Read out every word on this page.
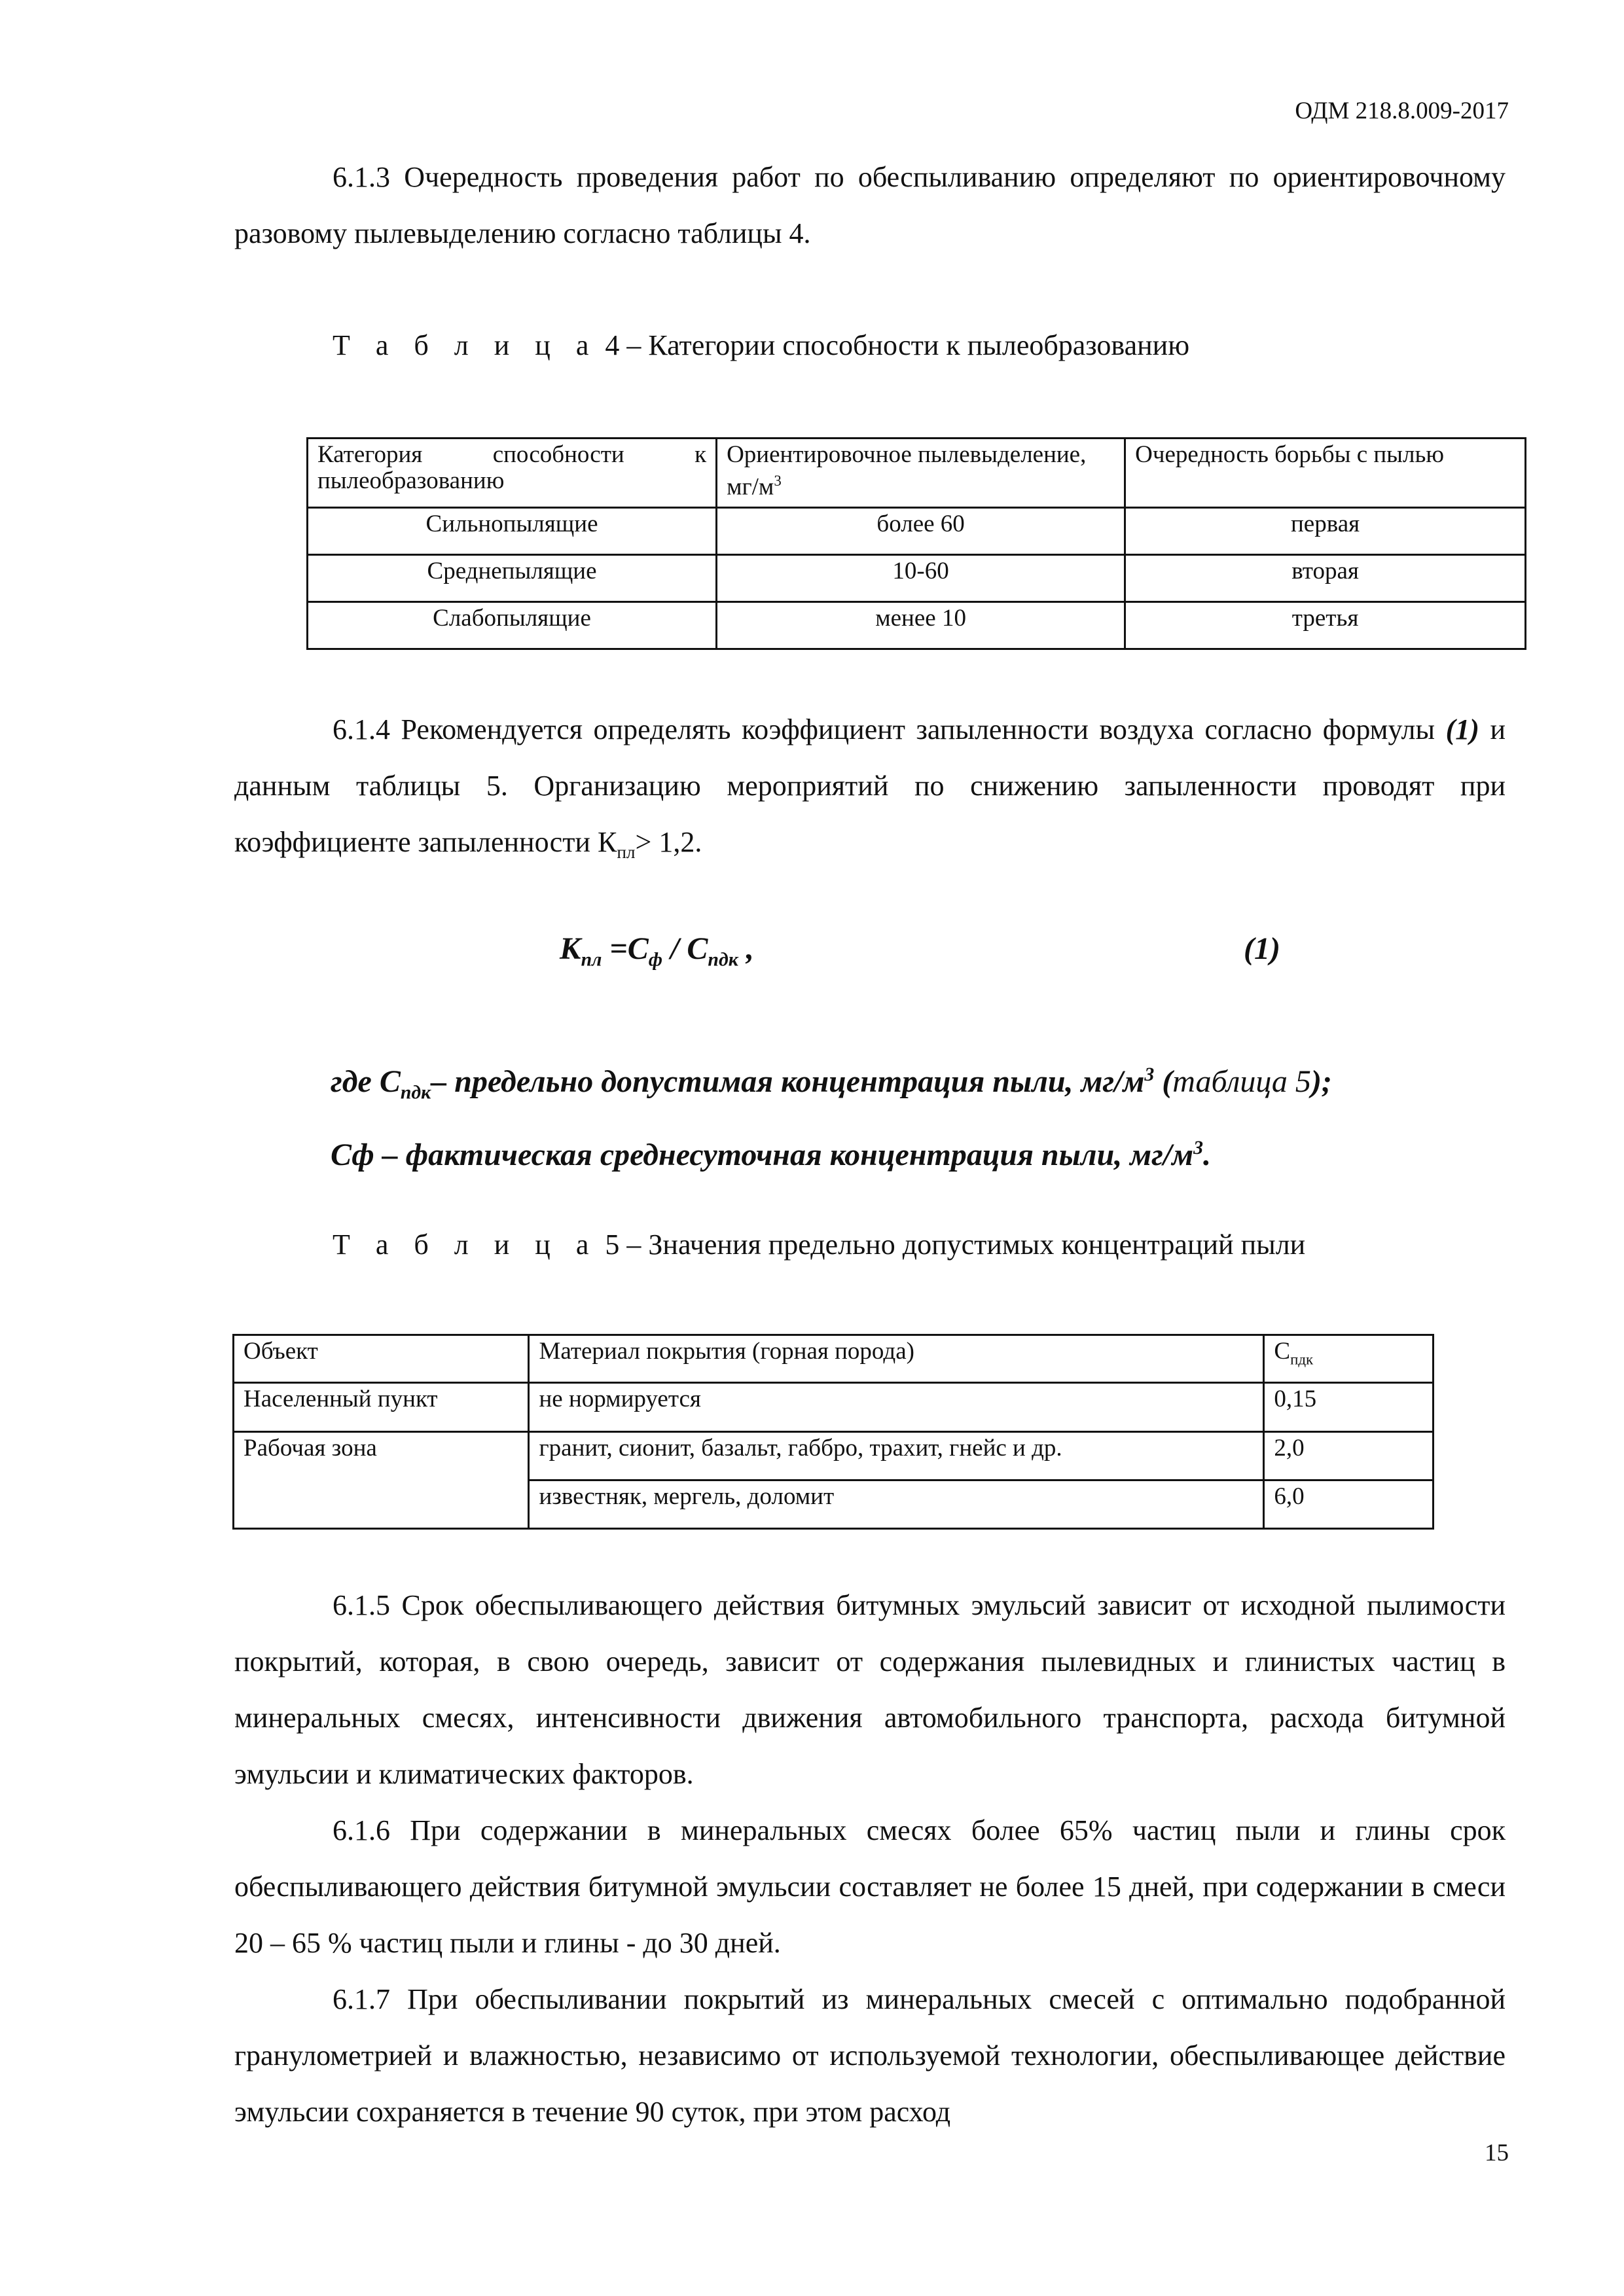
ОДМ 218.8.009-2017
6.1.3 Очередность проведения работ по обеспыливанию определяют по ориентировочному разовому пылевыделению согласно таблицы 4.
Т а б л и ц а 4 – Категории способности к пылеобразованию
Категория способности к пылеобразованию	Ориентировочное пылевыделение, $мг/м^3$	Очередность борьбы с пылью
Сильнопылящие	более 60	первая
Среднепылящие	10-60	вторая
Слабопылящие	менее 10	третья
6.1.4 Рекомендуется определять коэффициент запыленности воздуха согласно формулы (1) и данным таблицы 5. Организацию мероприятий по снижению запыленности проводят при коэффициенте запыленности $К_{пл}> 1,2$.
$К_{пл} =С_ф / С_{пдк}$ ,	(1)
где $С_{пдк}-$ предельно допустимая концентрация пыли, $мг/м^3$ (таблица 5);
Сф – фактическая среднесуточная концентрация пыли, $мг/м^3$.
Т а б л и ц а 5 – Значения предельно допустимых концентраций пыли
Объект	Материал покрытия (горная порода)	$С_{пдк}$
Населенный пункт	не нормируется	0,15
Рабочая зона	гранит, сионит, базальт, габбро, трахит, гнейс и др.	2,0
	известняк, мергель, доломит	6,0
6.1.5 Срок обеспыливающего действия битумных эмульсий зависит от исходной пылимости покрытий, которая, в свою очередь, зависит от содержания пылевидных и глинистых частиц в минеральных смесях, интенсивности движения автомобильного транспорта, расхода битумной эмульсии и климатических факторов.
6.1.6 При содержании в минеральных смесях более 65% частиц пыли и глины срок обеспыливающего действия битумной эмульсии составляет не более 15 дней, при содержании в смеси 20 – 65 % частиц пыли и глины - до 30 дней.
6.1.7 При обеспыливании покрытий из минеральных смесей с оптимально подобранной гранулометрией и влажностью, независимо от используемой технологии, обеспыливающее действие эмульсии сохраняется в течение 90 суток, при этом расход
15
